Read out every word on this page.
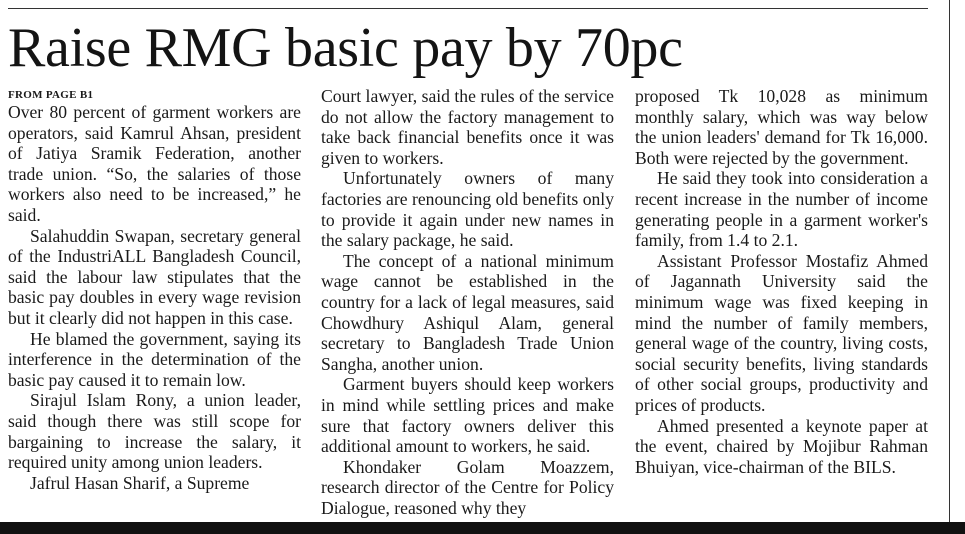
Raise RMG basic pay by 70pc
FROM PAGE B1

Over 80 percent of garment workers are operators, said Kamrul Ahsan, president of Jatiya Sramik Federation, another trade union. “So, the salaries of those workers also need to be increased,” he said.

Salahuddin Swapan, secretary general of the IndustriALL Bangladesh Council, said the labour law stipulates that the basic pay doubles in every wage revision but it clearly did not happen in this case.

He blamed the government, saying its interference in the determination of the basic pay caused it to remain low.

Sirajul Islam Rony, a union leader, said though there was still scope for bargaining to increase the salary, it required unity among union leaders.

Jafrul Hasan Sharif, a Supreme

Court lawyer, said the rules of the service do not allow the factory management to take back financial benefits once it was given to workers.

Unfortunately owners of many factories are renouncing old benefits only to provide it again under new names in the salary package, he said.

The concept of a national minimum wage cannot be established in the country for a lack of legal measures, said Chowdhury Ashiqul Alam, general secretary to Bangladesh Trade Union Sangha, another union.

Garment buyers should keep workers in mind while settling prices and make sure that factory owners deliver this additional amount to workers, he said.

Khondaker Golam Moazzem, research director of the Centre for Policy Dialogue, reasoned why they

proposed Tk 10,028 as minimum monthly salary, which was way below the union leaders' demand for Tk 16,000. Both were rejected by the government.

He said they took into consideration a recent increase in the number of income generating people in a garment worker's family, from 1.4 to 2.1.

Assistant Professor Mostafiz Ahmed of Jagannath University said the minimum wage was fixed keeping in mind the number of family members, general wage of the country, living costs, social security benefits, living standards of other social groups, productivity and prices of products.

Ahmed presented a keynote paper at the event, chaired by Mojibur Rahman Bhuiyan, vice-chairman of the BILS.
